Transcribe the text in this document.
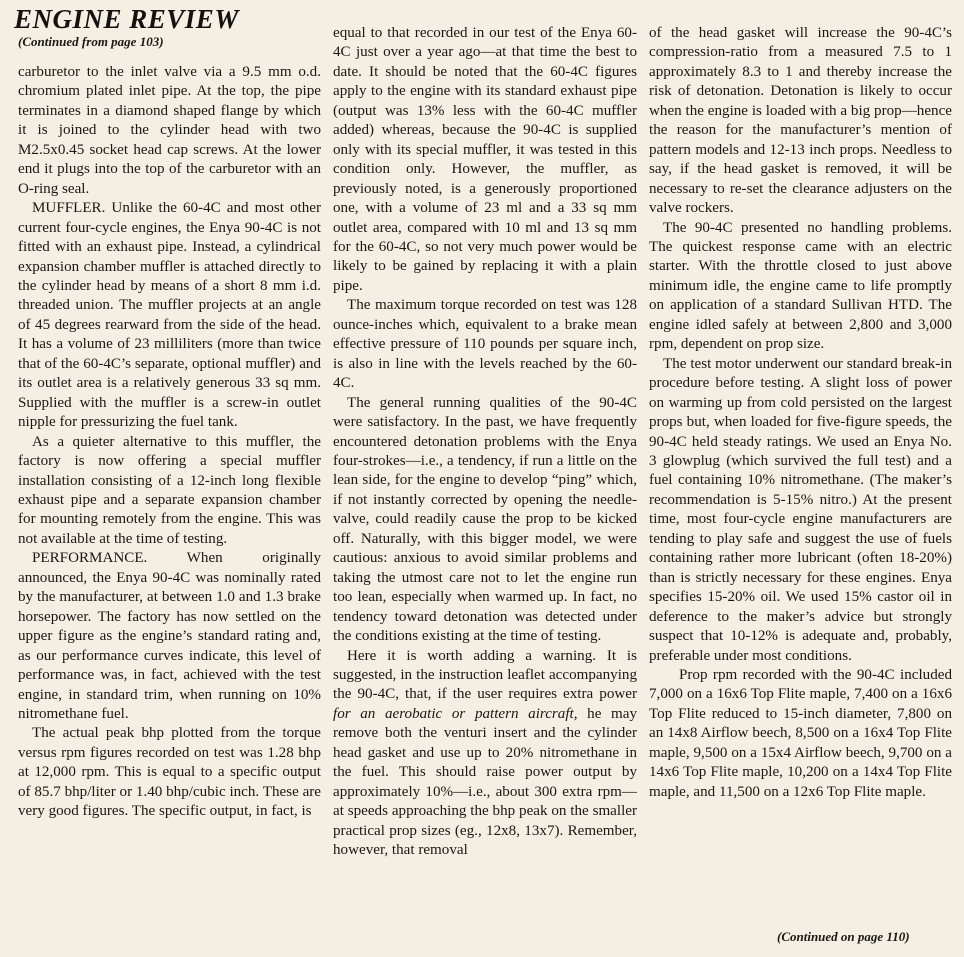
ENGINE REVIEW
(Continued from page 103)

carburetor to the inlet valve via a 9.5 mm o.d. chromium plated inlet pipe. At the top, the pipe terminates in a diamond shaped flange by which it is joined to the cylinder head with two M2.5x0.45 socket head cap screws. At the lower end it plugs into the top of the carburetor with an O-ring seal.

MUFFLER. Unlike the 60-4C and most other current four-cycle engines, the Enya 90-4C is not fitted with an exhaust pipe. Instead, a cylindrical expansion chamber muffler is attached directly to the cylinder head by means of a short 8 mm i.d. threaded union. The muffler projects at an angle of 45 degrees rearward from the side of the head. It has a volume of 23 milliliters (more than twice that of the 60-4C’s separate, optional muffler) and its outlet area is a relatively generous 33 sq mm. Supplied with the muffler is a screw-in outlet nipple for pressurizing the fuel tank.

As a quieter alternative to this muffler, the factory is now offering a special muffler installation consisting of a 12-inch long flexible exhaust pipe and a separate expansion chamber for mounting remotely from the engine. This was not available at the time of testing.

PERFORMANCE. When originally announced, the Enya 90-4C was nominally rated by the manufacturer, at between 1.0 and 1.3 brake horsepower. The factory has now settled on the upper figure as the engine’s standard rating and, as our performance curves indicate, this level of performance was, in fact, achieved with the test engine, in standard trim, when running on 10% nitromethane fuel.

The actual peak bhp plotted from the torque versus rpm figures recorded on test was 1.28 bhp at 12,000 rpm. This is equal to a specific output of 85.7 bhp/liter or 1.40 bhp/cubic inch. These are very good figures. The specific output, in fact, is

equal to that recorded in our test of the Enya 60-4C just over a year ago—at that time the best to date. It should be noted that the 60-4C figures apply to the engine with its standard exhaust pipe (output was 13% less with the 60-4C muffler added) whereas, because the 90-4C is supplied only with its special muffler, it was tested in this condition only. However, the muffler, as previously noted, is a generously proportioned one, with a volume of 23 ml and a 33 sq mm outlet area, compared with 10 ml and 13 sq mm for the 60-4C, so not very much power would be likely to be gained by replacing it with a plain pipe.

The maximum torque recorded on test was 128 ounce-inches which, equivalent to a brake mean effective pressure of 110 pounds per square inch, is also in line with the levels reached by the 60-4C.

The general running qualities of the 90-4C were satisfactory. In the past, we have frequently encountered detonation problems with the Enya four-strokes—i.e., a tendency, if run a little on the lean side, for the engine to develop “ping” which, if not instantly corrected by opening the needle-valve, could readily cause the prop to be kicked off. Naturally, with this bigger model, we were cautious: anxious to avoid similar problems and taking the utmost care not to let the engine run too lean, especially when warmed up. In fact, no tendency toward detonation was detected under the conditions existing at the time of testing.

Here it is worth adding a warning. It is suggested, in the instruction leaflet accompanying the 90-4C, that, if the user requires extra power for an aerobatic or pattern aircraft, he may remove both the venturi insert and the cylinder head gasket and use up to 20% nitromethane in the fuel. This should raise power output by approximately 10%—i.e., about 300 extra rpm—at speeds approaching the bhp peak on the smaller practical prop sizes (eg., 12x8, 13x7). Remember, however, that removal

of the head gasket will increase the 90-4C’s compression-ratio from a measured 7.5 to 1 approximately 8.3 to 1 and thereby increase the risk of detonation. Detonation is likely to occur when the engine is loaded with a big prop—hence the reason for the manufacturer’s mention of pattern models and 12-13 inch props. Needless to say, if the head gasket is removed, it will be necessary to re-set the clearance adjusters on the valve rockers.

The 90-4C presented no handling problems. The quickest response came with an electric starter. With the throttle closed to just above minimum idle, the engine came to life promptly on application of a standard Sullivan HTD. The engine idled safely at between 2,800 and 3,000 rpm, dependent on prop size.

The test motor underwent our standard break-in procedure before testing. A slight loss of power on warming up from cold persisted on the largest props but, when loaded for five-figure speeds, the 90-4C held steady ratings. We used an Enya No. 3 glowplug (which survived the full test) and a fuel containing 10% nitromethane. (The maker’s recommendation is 5-15% nitro.) At the present time, most four-cycle engine manufacturers are tending to play safe and suggest the use of fuels containing rather more lubricant (often 18-20%) than is strictly necessary for these engines. Enya specifies 15-20% oil. We used 15% castor oil in deference to the maker’s advice but strongly suspect that 10-12% is adequate and, probably, preferable under most conditions.

Prop rpm recorded with the 90-4C included 7,000 on a 16x6 Top Flite maple, 7,400 on a 16x6 Top Flite reduced to 15-inch diameter, 7,800 on an 14x8 Airflow beech, 8,500 on a 16x4 Top Flite maple, 9,500 on a 15x4 Airflow beech, 9,700 on a 14x6 Top Flite maple, 10,200 on a 14x4 Top Flite maple, and 11,500 on a 12x6 Top Flite maple.

(Continued on page 110)
